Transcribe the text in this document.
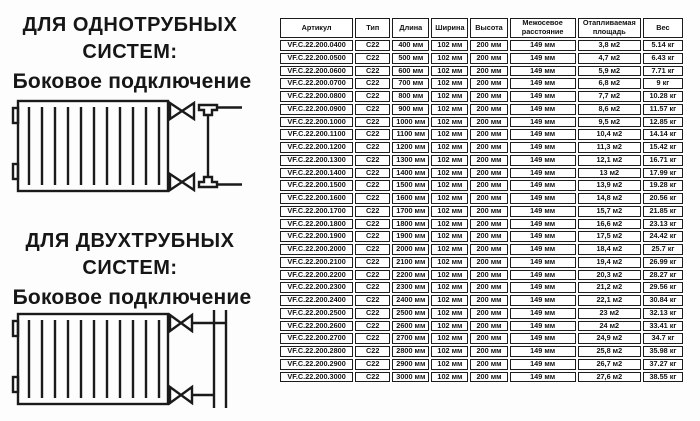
ДЛЯ ОДНОТРУБНЫХ
СИСТЕМ:
Боковое подключение
ДЛЯ ДВУХТРУБНЫХ
СИСТЕМ:
Боковое подключение
Артикул	Тип	Длина	Ширина	Высота	Межосевое расстояние	Отапливаемая площадь	Вес
VF.C.22.200.0400	C22	400 мм	102 мм	200 мм	149 мм	3,8 м2	5.14 кг
VF.C.22.200.0500	C22	500 мм	102 мм	200 мм	149 мм	4,7 м2	6.43 кг
VF.C.22.200.0600	C22	600 мм	102 мм	200 мм	149 мм	5,9 м2	7.71 кг
VF.C.22.200.0700	C22	700 мм	102 мм	200 мм	149 мм	6,8 м2	9 кг
VF.C.22.200.0800	C22	800 мм	102 мм	200 мм	149 мм	7,7 м2	10.28 кг
VF.C.22.200.0900	C22	900 мм	102 мм	200 мм	149 мм	8,6 м2	11.57 кг
VF.C.22.200.1000	C22	1000 мм	102 мм	200 мм	149 мм	9,5 м2	12.85 кг
VF.C.22.200.1100	C22	1100 мм	102 мм	200 мм	149 мм	10,4 м2	14.14 кг
VF.C.22.200.1200	C22	1200 мм	102 мм	200 мм	149 мм	11,3 м2	15.42 кг
VF.C.22.200.1300	C22	1300 мм	102 мм	200 мм	149 мм	12,1 м2	16.71 кг
VF.C.22.200.1400	C22	1400 мм	102 мм	200 мм	149 мм	13 м2	17.99 кг
VF.C.22.200.1500	C22	1500 мм	102 мм	200 мм	149 мм	13,9 м2	19.28 кг
VF.C.22.200.1600	C22	1600 мм	102 мм	200 мм	149 мм	14,8 м2	20.56 кг
VF.C.22.200.1700	C22	1700 мм	102 мм	200 мм	149 мм	15,7 м2	21.85 кг
VF.C.22.200.1800	C22	1800 мм	102 мм	200 мм	149 мм	16,6 м2	23.13 кг
VF.C.22.200.1900	C22	1900 мм	102 мм	200 мм	149 мм	17,5 м2	24.42 кг
VF.C.22.200.2000	C22	2000 мм	102 мм	200 мм	149 мм	18,4 м2	25.7 кг
VF.C.22.200.2100	C22	2100 мм	102 мм	200 мм	149 мм	19,4 м2	26.99 кг
VF.C.22.200.2200	C22	2200 мм	102 мм	200 мм	149 мм	20,3 м2	28.27 кг
VF.C.22.200.2300	C22	2300 мм	102 мм	200 мм	149 мм	21,2 м2	29.56 кг
VF.C.22.200.2400	C22	2400 мм	102 мм	200 мм	149 мм	22,1 м2	30.84 кг
VF.C.22.200.2500	C22	2500 мм	102 мм	200 мм	149 мм	23 м2	32.13 кг
VF.C.22.200.2600	C22	2600 мм	102 мм	200 мм	149 мм	24 м2	33.41 кг
VF.C.22.200.2700	C22	2700 мм	102 мм	200 мм	149 мм	24,9 м2	34.7 кг
VF.C.22.200.2800	C22	2800 мм	102 мм	200 мм	149 мм	25,8 м2	35.98 кг
VF.C.22.200.2900	C22	2900 мм	102 мм	200 мм	149 мм	26,7 м2	37.27 кг
VF.C.22.200.3000	C22	3000 мм	102 мм	200 мм	149 мм	27,6 м2	38.55 кг
